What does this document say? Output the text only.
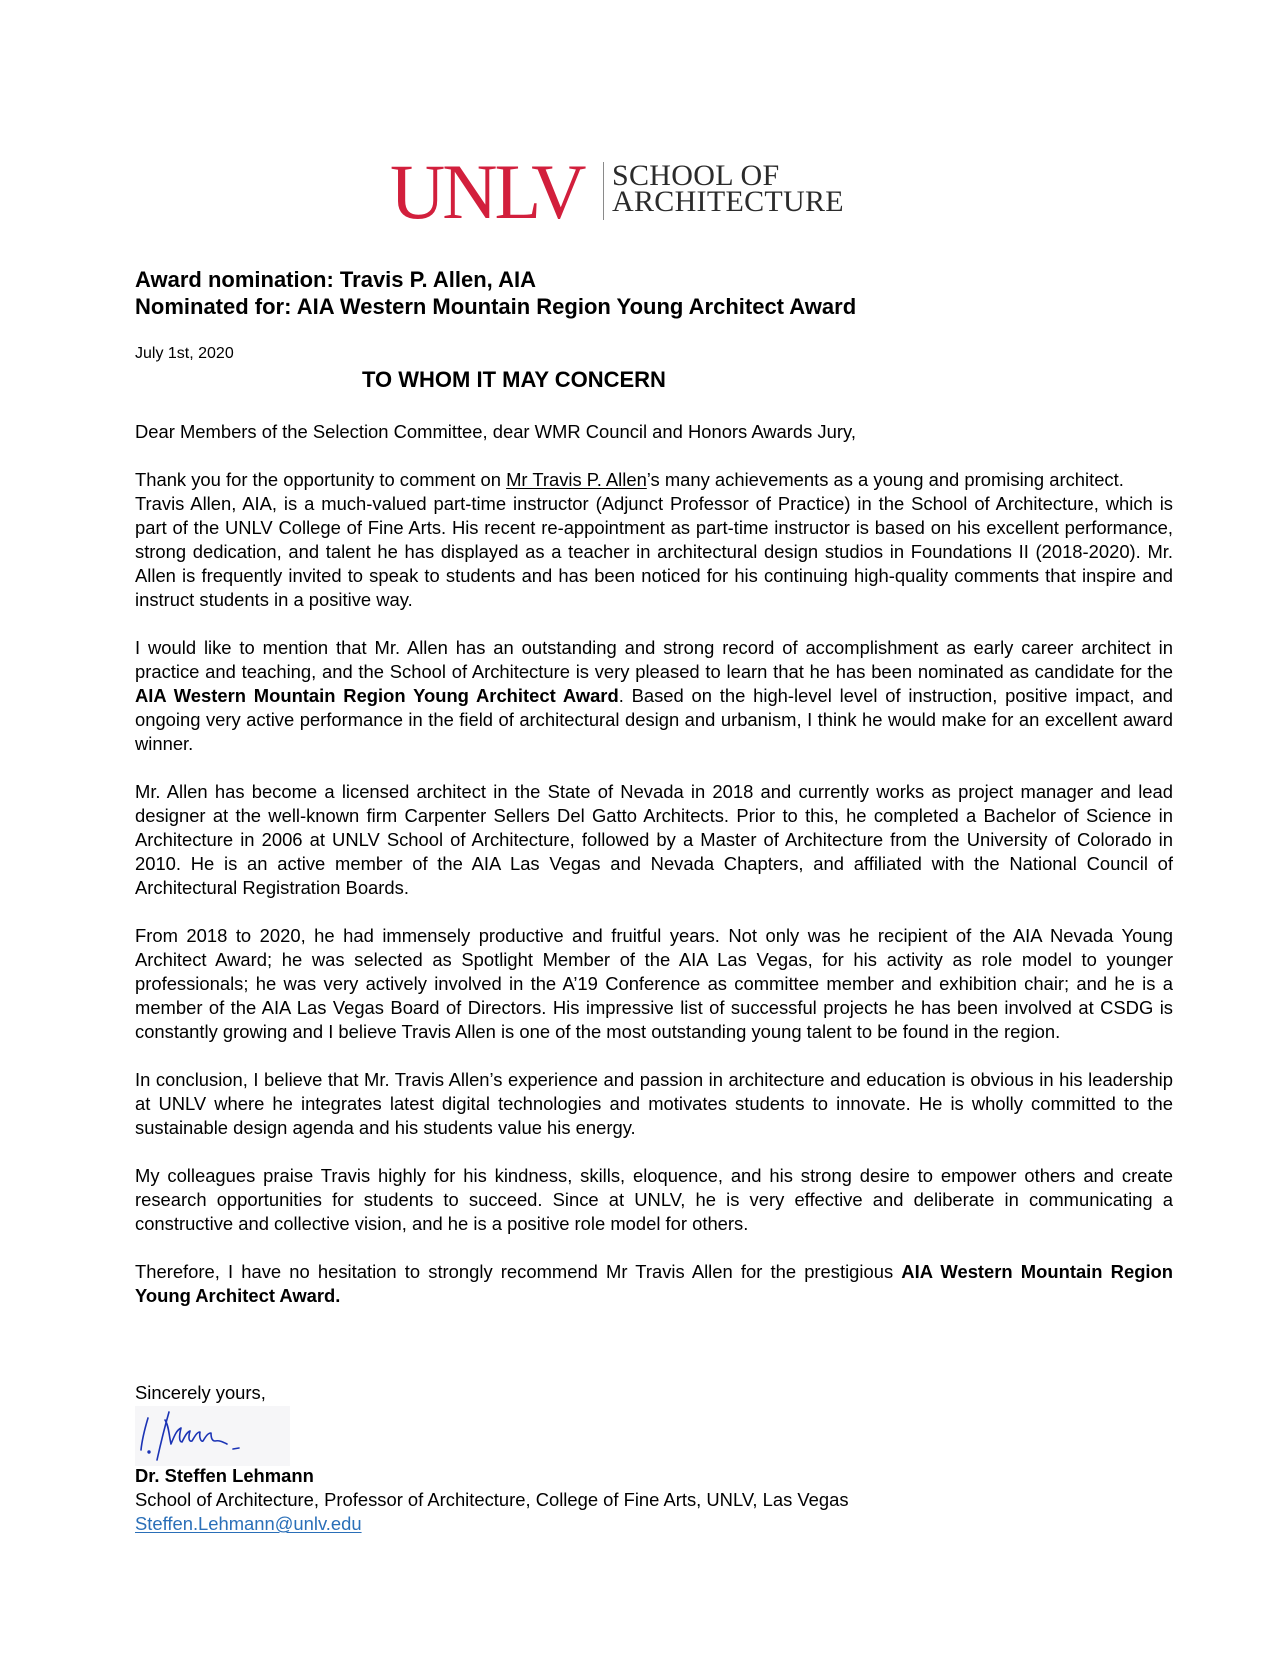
UNLV SCHOOL OF
ARCHITECTURE
Award nomination: Travis P. Allen, AIA
Nominated for: AIA Western Mountain Region Young Architect Award
July 1st, 2020
TO WHOM IT MAY CONCERN

Dear Members of the Selection Committee, dear WMR Council and Honors Awards Jury,

Thank you for the opportunity to comment on Mr Travis P. Allen’s many achievements as a young and promising architect.

Travis Allen, AIA, is a much-valued part-time instructor (Adjunct Professor of Practice) in the School of Architecture, which is part of the UNLV College of Fine Arts. His recent re-appointment as part-time instructor is based on his excellent performance, strong dedication, and talent he has displayed as a teacher in architectural design studios in Foundations II (2018-2020). Mr. Allen is frequently invited to speak to students and has been noticed for his continuing high-quality comments that inspire and instruct students in a positive way.

I would like to mention that Mr. Allen has an outstanding and strong record of accomplishment as early career architect in practice and teaching, and the School of Architecture is very pleased to learn that he has been nominated as candidate for the AIA Western Mountain Region Young Architect Award. Based on the high-level level of instruction, positive impact, and ongoing very active performance in the field of architectural design and urbanism, I think he would make for an excellent award winner.

Mr. Allen has become a licensed architect in the State of Nevada in 2018 and currently works as project manager and lead designer at the well-known firm Carpenter Sellers Del Gatto Architects. Prior to this, he completed a Bachelor of Science in Architecture in 2006 at UNLV School of Architecture, followed by a Master of Architecture from the University of Colorado in 2010. He is an active member of the AIA Las Vegas and Nevada Chapters, and affiliated with the National Council of Architectural Registration Boards.

From 2018 to 2020, he had immensely productive and fruitful years. Not only was he recipient of the AIA Nevada Young Architect Award; he was selected as Spotlight Member of the AIA Las Vegas, for his activity as role model to younger professionals; he was very actively involved in the A’19 Conference as committee member and exhibition chair; and he is a member of the AIA Las Vegas Board of Directors. His impressive list of successful projects he has been involved at CSDG is constantly growing and I believe Travis Allen is one of the most outstanding young talent to be found in the region.

In conclusion, I believe that Mr. Travis Allen’s experience and passion in architecture and education is obvious in his leadership at UNLV where he integrates latest digital technologies and motivates students to innovate. He is wholly committed to the sustainable design agenda and his students value his energy.

My colleagues praise Travis highly for his kindness, skills, eloquence, and his strong desire to empower others and create research opportunities for students to succeed. Since at UNLV, he is very effective and deliberate in communicating a constructive and collective vision, and he is a positive role model for others.

Therefore, I have no hesitation to strongly recommend Mr Travis Allen for the prestigious AIA Western Mountain Region Young Architect Award.

Sincerely yours,
Dr. Steffen Lehmann
School of Architecture, Professor of Architecture, College of Fine Arts, UNLV, Las Vegas
Steffen.Lehmann@unlv.edu
